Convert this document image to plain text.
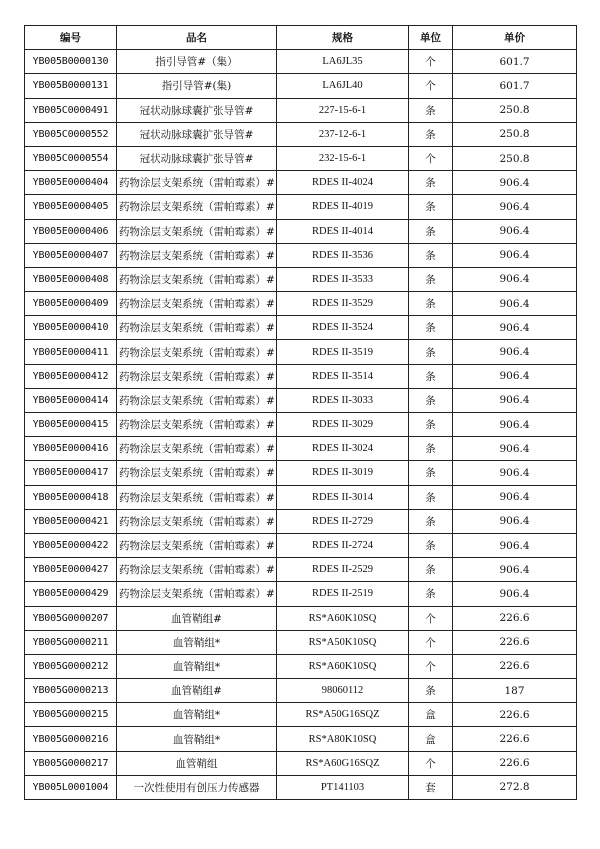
编号	品名	规格	单位	单价
YB005B0000130	指引导管#（集）	LA6JL35	个	601.7
YB005B0000131	指引导管#(集)	LA6JL40	个	601.7
YB005C0000491	冠状动脉球囊扩张导管#	227-15-6-1	条	250.8
YB005C0000552	冠状动脉球囊扩张导管#	237-12-6-1	条	250.8
YB005C0000554	冠状动脉球囊扩张导管#	232-15-6-1	个	250.8
YB005E0000404	药物涂层支架系统（雷帕霉素）#	RDES II-4024	条	906.4
YB005E0000405	药物涂层支架系统（雷帕霉素）#	RDES II-4019	条	906.4
YB005E0000406	药物涂层支架系统（雷帕霉素）#	RDES II-4014	条	906.4
YB005E0000407	药物涂层支架系统（雷帕霉素）#	RDES II-3536	条	906.4
YB005E0000408	药物涂层支架系统（雷帕霉素）#	RDES II-3533	条	906.4
YB005E0000409	药物涂层支架系统（雷帕霉素）#	RDES II-3529	条	906.4
YB005E0000410	药物涂层支架系统（雷帕霉素）#	RDES II-3524	条	906.4
YB005E0000411	药物涂层支架系统（雷帕霉素）#	RDES II-3519	条	906.4
YB005E0000412	药物涂层支架系统（雷帕霉素）#	RDES II-3514	条	906.4
YB005E0000414	药物涂层支架系统（雷帕霉素）#	RDES II-3033	条	906.4
YB005E0000415	药物涂层支架系统（雷帕霉素）#	RDES II-3029	条	906.4
YB005E0000416	药物涂层支架系统（雷帕霉素）#	RDES II-3024	条	906.4
YB005E0000417	药物涂层支架系统（雷帕霉素）#	RDES II-3019	条	906.4
YB005E0000418	药物涂层支架系统（雷帕霉素）#	RDES II-3014	条	906.4
YB005E0000421	药物涂层支架系统（雷帕霉素）#	RDES II-2729	条	906.4
YB005E0000422	药物涂层支架系统（雷帕霉素）#	RDES II-2724	条	906.4
YB005E0000427	药物涂层支架系统（雷帕霉素）#	RDES II-2529	条	906.4
YB005E0000429	药物涂层支架系统（雷帕霉素）#	RDES II-2519	条	906.4
YB005G0000207	血管鞘组#	RS*A60K10SQ	个	226.6
YB005G0000211	血管鞘组*	RS*A50K10SQ	个	226.6
YB005G0000212	血管鞘组*	RS*A60K10SQ	个	226.6
YB005G0000213	血管鞘组#	98060112	条	187
YB005G0000215	血管鞘组*	RS*A50G16SQZ	盒	226.6
YB005G0000216	血管鞘组*	RS*A80K10SQ	盒	226.6
YB005G0000217	血管鞘组	RS*A60G16SQZ	个	226.6
YB005L0001004	一次性使用有创压力传感器	PT141103	套	272.8
